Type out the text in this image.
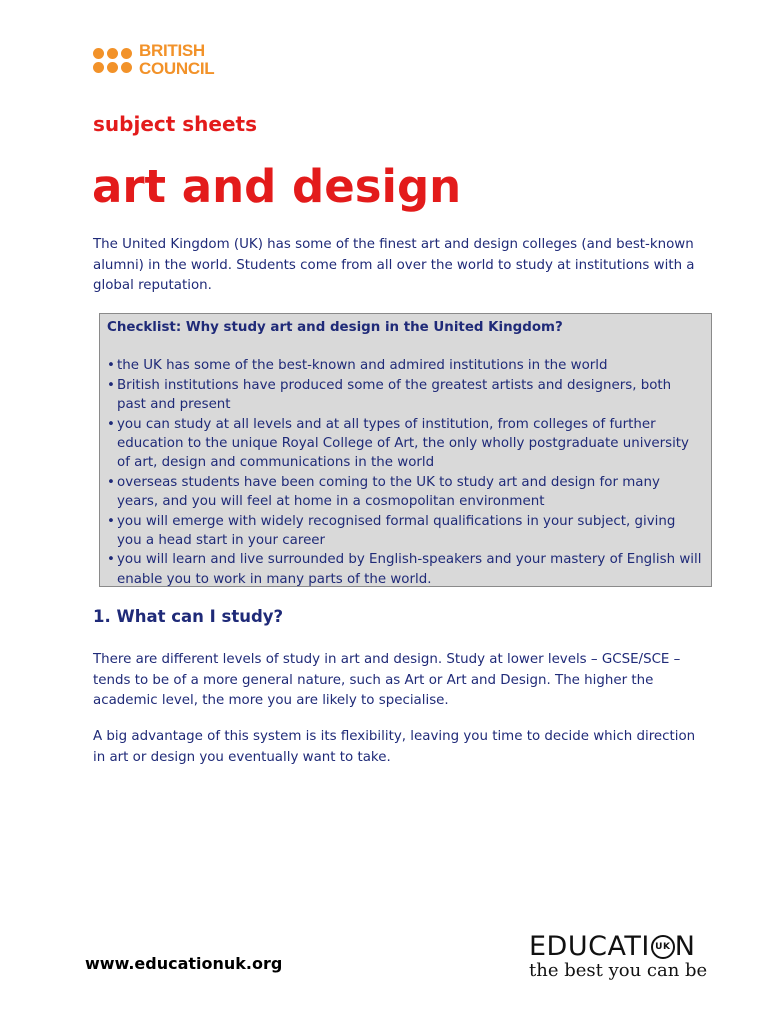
BRITISH
COUNCIL
subject sheets
art and design

The United Kingdom (UK) has some of the finest art and design colleges (and best-known alumni) in the world. Students come from all over the world to study at institutions with a global reputation.

Checklist: Why study art and design in the United Kingdom?

• the UK has some of the best-known and admired institutions in the world
• British institutions have produced some of the greatest artists and designers, both past and present
• you can study at all levels and at all types of institution, from colleges of further education to the unique Royal College of Art, the only wholly postgraduate university of art, design and communications in the world
• overseas students have been coming to the UK to study art and design for many years, and you will feel at home in a cosmopolitan environment
• you will emerge with widely recognised formal qualifications in your subject, giving you a head start in your career
• you will learn and live surrounded by English-speakers and your mastery of English will enable you to work in many parts of the world.
1. What can I study?

There are different levels of study in art and design. Study at lower levels – GCSE/SCE – tends to be of a more general nature, such as Art or Art and Design. The higher the academic level, the more you are likely to specialise.

A big advantage of this system is its flexibility, leaving you time to decide which direction in art or design you eventually want to take.

www.educationuk.org
EDUCATI UK N
the best you can be
